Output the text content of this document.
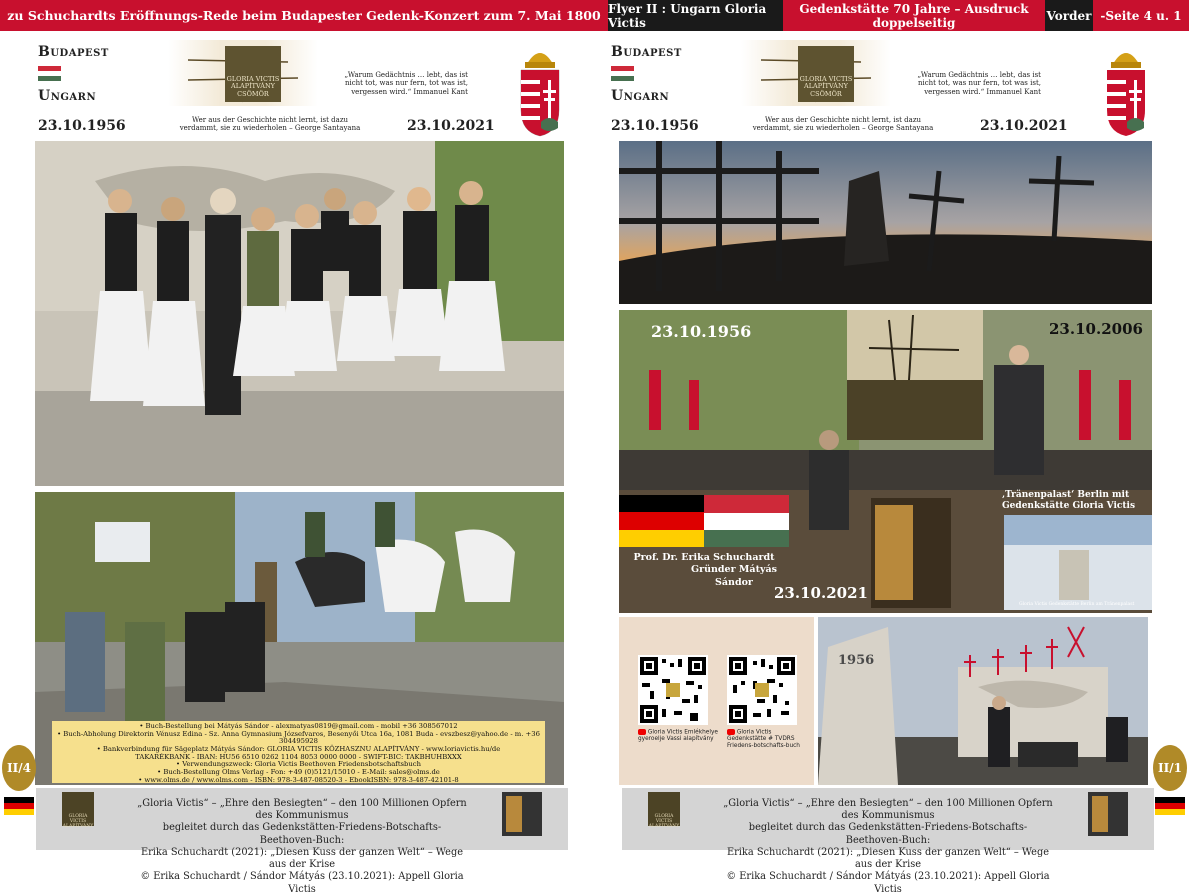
zu Schuchardts Eröffnungs-Rede beim Budapester Gedenk-Konzert zum 7. Mai 1800 Flyer II : Ungarn Gloria Victis
Gedenkstätte 70 Jahre – Ausdruck doppelseitig	Vorder -Seite 4 u. 1
Budapest
Ungarn
GLORIA VICTIS
ALAPÍTVÁNY
CSÖMÖR
„Warum Gedächtnis … lebt, das ist nicht tot, was nur fern, tot was ist, vergessen wird.“ Immanuel Kant
Wer aus der Geschichte nicht lernt, ist dazu verdammt, sie zu wiederholen – George Santayana
23.10.1956	23.10.2021
Budapest
Ungarn
GLORIA VICTIS
ALAPÍTVÁNY
CSÖMÖR
„Warum Gedächtnis … lebt, das ist nicht tot, was nur fern, tot was ist, vergessen wird.“ Immanuel Kant
Wer aus der Geschichte nicht lernt, ist dazu verdammt, sie zu wiederholen – George Santayana
23.10.1956	23.10.2021
• Buch-Bestellung bei Mátyás Sándor - alexmatyas0819@gmail.com - mobil +36 308567012
• Buch-Abholung Direktorin Vénusz Edina - Sz. Anna Gymnasium Józsefvaros, Besenyői Utca 16a, 1081 Buda - evszbesz@yahoo.de - m. +36 304495928
• Bankverbindung für Sägeplatz Mátyás Sándor: GLORIA VICTIS KÖZHASZNU ALAPÍTVÁNY - www.loriavictis.hu/de
TAKARÉKBANK - IBAN: HU56 6510 0262 1104 8053 0000 0000 - SWIFT-BIC: TAKBHUHBXXX
• Verwendungszweck: Gloria Victis Beethoven Friedensbotschaftsbuch
• Buch-Bestellung Olms Verlag - Fon: +49 (0)5121/15010 - E-Mail: sales@olms.de
• www.olms.de / www.olms.com - ISBN: 978-3-487-08520-3 - EbookISBN: 978-3-487-42101-8
23.10.1956	23.10.2006
Prof. Dr. Erika Schuchardt
Gründer Mátyás Sándor
23.10.2021
‚Tränenpalast‘ Berlin mit Gedenkstätte Gloria Victis
Gloria Victis Gedenkstätte Berlin am Tränenpalast
Gloria Victis Emlékhelye gyeroelje Vassi alapítvány
Gloria Victis Gedenkstätte # TVDRS Friedens-botschafts-buch
1956
GLORIA VICTIS ALAPÍTVÁNY
„Gloria Victis“ – „Ehre den Besiegten“ – den 100 Millionen Opfern des Kommunismus
begleitet durch das Gedenkstätten-Friedens-Botschafts-Beethoven-Buch:
Erika Schuchardt (2021): „Diesen Kuss der ganzen Welt“ – Wege aus der Krise
© Erika Schuchardt / Sándor Mátyás (23.10.2021): Appell Gloria Victis
GLORIA VICTIS ALAPÍTVÁNY
„Gloria Victis“ – „Ehre den Besiegten“ – den 100 Millionen Opfern des Kommunismus
begleitet durch das Gedenkstätten-Friedens-Botschafts-Beethoven-Buch:
Erika Schuchardt (2021): „Diesen Kuss der ganzen Welt“ – Wege aus der Krise
© Erika Schuchardt / Sándor Mátyás (23.10.2021): Appell Gloria Victis
II/4	II/1
